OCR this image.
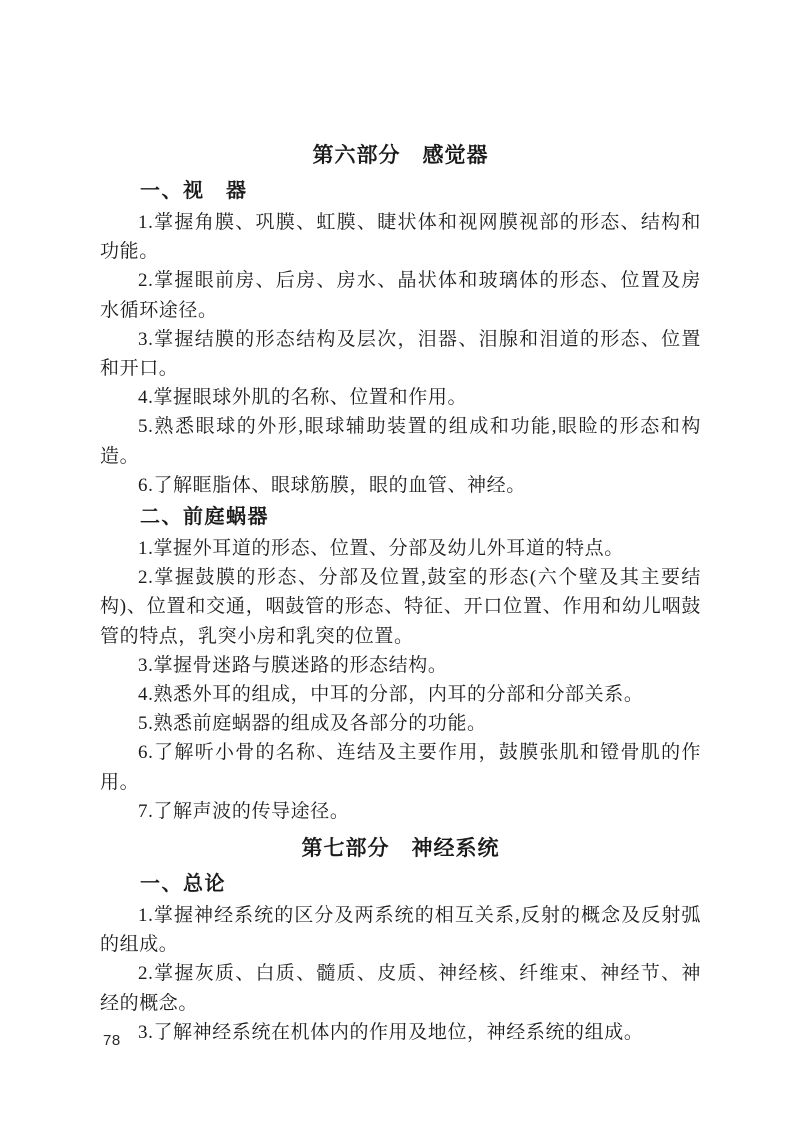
第六部分　感觉器
一、视　器

1.掌握角膜、巩膜、虹膜、睫状体和视网膜视部的形态、结构和功能。

2.掌握眼前房、后房、房水、晶状体和玻璃体的形态、位置及房水循环途径。

3.掌握结膜的形态结构及层次，泪器、泪腺和泪道的形态、位置和开口。

4.掌握眼球外肌的名称、位置和作用。

5.熟悉眼球的外形,眼球辅助装置的组成和功能,眼睑的形态和构造。

6.了解眶脂体、眼球筋膜，眼的血管、神经。

二、前庭蜗器

1.掌握外耳道的形态、位置、分部及幼儿外耳道的特点。

2.掌握鼓膜的形态、分部及位置,鼓室的形态(六个壁及其主要结构)、位置和交通，咽鼓管的形态、特征、开口位置、作用和幼儿咽鼓管的特点，乳突小房和乳突的位置。

3.掌握骨迷路与膜迷路的形态结构。

4.熟悉外耳的组成，中耳的分部，内耳的分部和分部关系。

5.熟悉前庭蜗器的组成及各部分的功能。

6.了解听小骨的名称、连结及主要作用，鼓膜张肌和镫骨肌的作用。

7.了解声波的传导途径。

第七部分　神经系统
一、总论

1.掌握神经系统的区分及两系统的相互关系,反射的概念及反射弧的组成。

2.掌握灰质、白质、髓质、皮质、神经核、纤维束、神经节、神经的概念。

3.了解神经系统在机体内的作用及地位，神经系统的组成。

78
